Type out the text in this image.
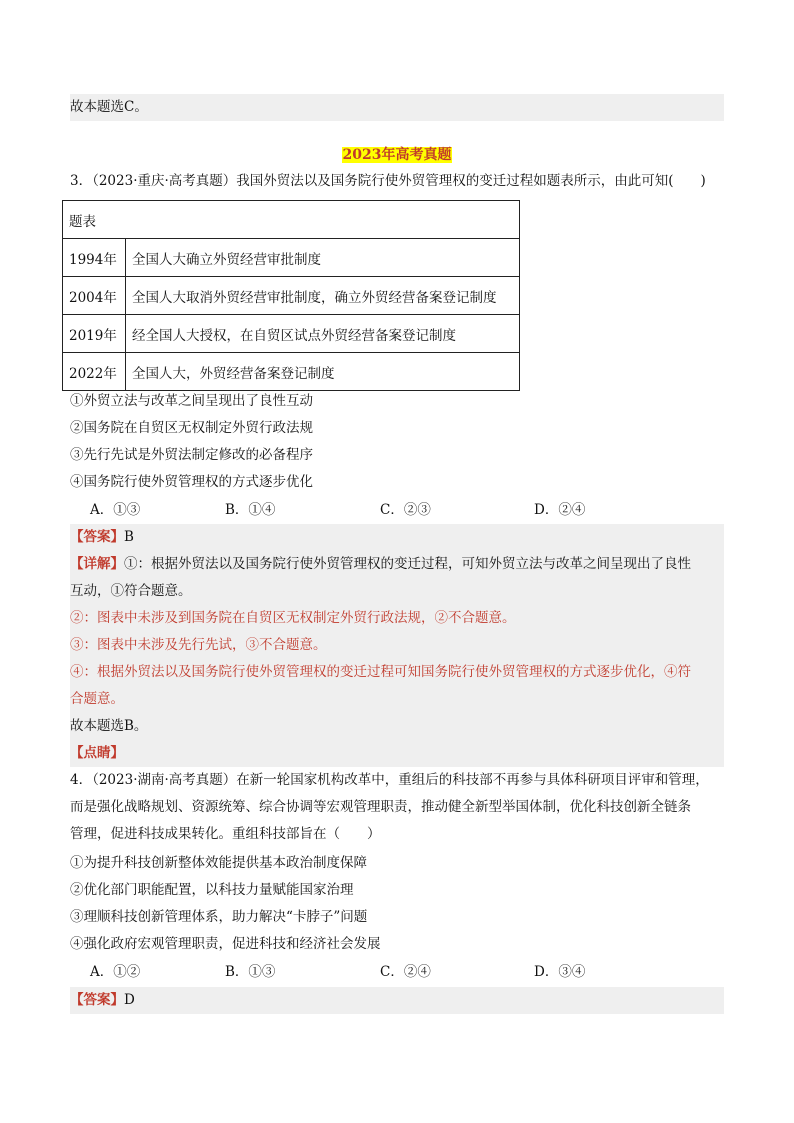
故本题选C。
2023年高考真题
3．（2023·重庆·高考真题）我国外贸法以及国务院行使外贸管理权的变迁过程如题表所示，由此可知(　　)
题表	
1994年	全国人大确立外贸经营审批制度
2004年	全国人大取消外贸经营审批制度，确立外贸经营备案登记制度
2019年	经全国人大授权，在自贸区试点外贸经营备案登记制度
2022年	全国人大，外贸经营备案登记制度
①外贸立法与改革之间呈现出了良性互动
②国务院在自贸区无权制定外贸行政法规
③先行先试是外贸法制定修改的必备程序
④国务院行使外贸管理权的方式逐步优化
A．①③	B．①④	C．②③	D．②④
【答案】B
【详解】①：根据外贸法以及国务院行使外贸管理权的变迁过程，可知外贸立法与改革之间呈现出了良性
互动，①符合题意。
②：图表中未涉及到国务院在自贸区无权制定外贸行政法规，②不合题意。
③：图表中未涉及先行先试，③不合题意。
④：根据外贸法以及国务院行使外贸管理权的变迁过程可知国务院行使外贸管理权的方式逐步优化，④符
合题意。
故本题选B。
【点睛】
4．（2023·湖南·高考真题）在新一轮国家机构改革中，重组后的科技部不再参与具体科研项目评审和管理，
而是强化战略规划、资源统筹、综合协调等宏观管理职责，推动健全新型举国体制，优化科技创新全链条
管理，促进科技成果转化。重组科技部旨在（　　）
①为提升科技创新整体效能提供基本政治制度保障
②优化部门职能配置，以科技力量赋能国家治理
③理顺科技创新管理体系，助力解决“卡脖子”问题
④强化政府宏观管理职责，促进科技和经济社会发展
A．①②	B．①③	C．②④	D．③④
【答案】D
